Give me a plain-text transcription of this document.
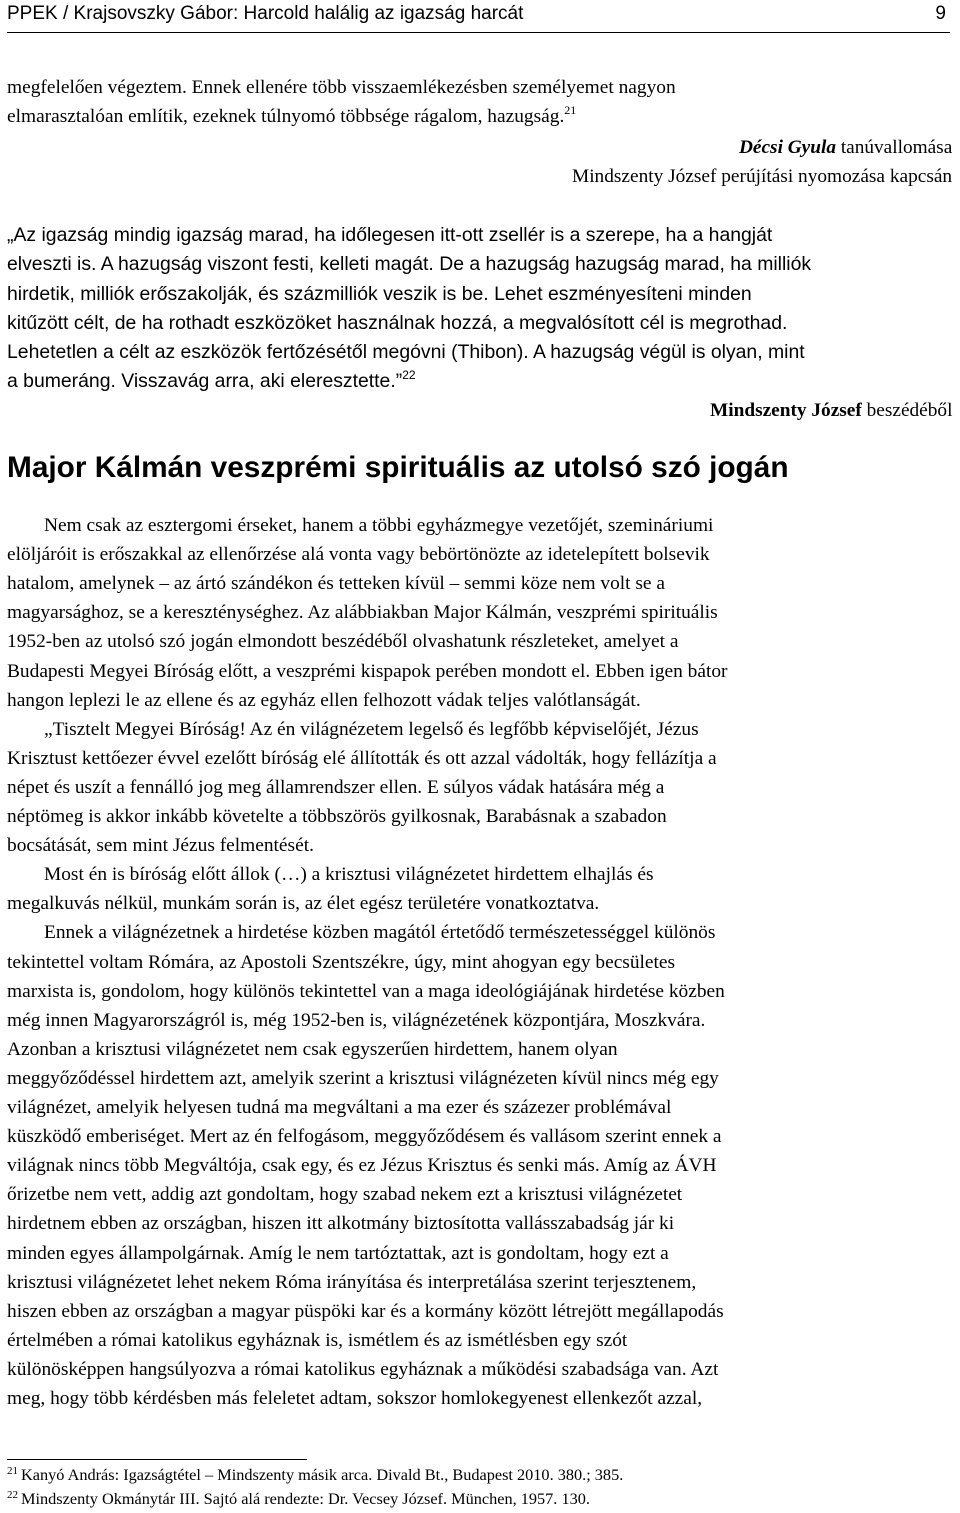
PPEK / Krajsovszky Gábor: Harcold halálig az igazság harcát	9
megfelelően végeztem. Ennek ellenére több visszaemlékezésben személyemet nagyon
elmarasztalóan említik, ezeknek túlnyomó többsége rágalom, hazugság.$^{21}$
Décsi Gyula tanúvallomása
Mindszenty József perújítási nyomozása kapcsán
„Az igazság mindig igazság marad, ha időlegesen itt-ott zsellér is a szerepe, ha a hangját
elveszti is. A hazugság viszont festi, kelleti magát. De a hazugság hazugság marad, ha milliók
hirdetik, milliók erőszakolják, és százmilliók veszik is be. Lehet eszményesíteni minden
kitűzött célt, de ha rothadt eszközöket használnak hozzá, a megvalósított cél is megrothad.
Lehetetlen a célt az eszközök fertőzésétől megóvni (Thibon). A hazugság végül is olyan, mint
a bumeráng. Visszavág arra, aki eleresztette.”$^{22}$
Mindszenty József beszédéből
Major Kálmán veszprémi spirituális az utolsó szó jogán
Nem csak az esztergomi érseket, hanem a többi egyházmegye vezetőjét, szemináriumi
elöljáróit is erőszakkal az ellenőrzése alá vonta vagy bebörtönözte az idetelepített bolsevik
hatalom, amelynek – az ártó szándékon és tetteken kívül – semmi köze nem volt se a
magyarsághoz, se a kereszténységhez. Az alábbiakban Major Kálmán, veszprémi spirituális
1952-ben az utolsó szó jogán elmondott beszédéből olvashatunk részleteket, amelyet a
Budapesti Megyei Bíróság előtt, a veszprémi kispapok perében mondott el. Ebben igen bátor
hangon leplezi le az ellene és az egyház ellen felhozott vádak teljes valótlanságát.
„Tisztelt Megyei Bíróság! Az én világnézetem legelső és legfőbb képviselőjét, Jézus
Krisztust kettőezer évvel ezelőtt bíróság elé állították és ott azzal vádolták, hogy fellázítja a
népet és uszít a fennálló jog meg államrendszer ellen. E súlyos vádak hatására még a
néptömeg is akkor inkább követelte a többszörös gyilkosnak, Barabásnak a szabadon
bocsátását, sem mint Jézus felmentését.
Most én is bíróság előtt állok (…) a krisztusi világnézetet hirdettem elhajlás és
megalkuvás nélkül, munkám során is, az élet egész területére vonatkoztatva.
Ennek a világnézetnek a hirdetése közben magától értetődő természetességgel különös
tekintettel voltam Rómára, az Apostoli Szentszékre, úgy, mint ahogyan egy becsületes
marxista is, gondolom, hogy különös tekintettel van a maga ideológiájának hirdetése közben
még innen Magyarországról is, még 1952-ben is, világnézetének központjára, Moszkvára.
Azonban a krisztusi világnézetet nem csak egyszerűen hirdettem, hanem olyan
meggyőződéssel hirdettem azt, amelyik szerint a krisztusi világnézeten kívül nincs még egy
világnézet, amelyik helyesen tudná ma megváltani a ma ezer és százezer problémával
küszködő emberiséget. Mert az én felfogásom, meggyőződésem és vallásom szerint ennek a
világnak nincs több Megváltója, csak egy, és ez Jézus Krisztus és senki más. Amíg az ÁVH
őrizetbe nem vett, addig azt gondoltam, hogy szabad nekem ezt a krisztusi világnézetet
hirdetnem ebben az országban, hiszen itt alkotmány biztosította vallásszabadság jár ki
minden egyes állampolgárnak. Amíg le nem tartóztattak, azt is gondoltam, hogy ezt a
krisztusi világnézetet lehet nekem Róma irányítása és interpretálása szerint terjesztenem,
hiszen ebben az országban a magyar püspöki kar és a kormány között létrejött megállapodás
értelmében a római katolikus egyháznak is, ismétlem és az ismétlésben egy szót
különösképpen hangsúlyozva a római katolikus egyháznak a működési szabadsága van. Azt
meg, hogy több kérdésben más feleletet adtam, sokszor homlokegyenest ellenkezőt azzal,
$^{21}$ Kanyó András: Igazságtétel – Mindszenty másik arca. Divald Bt., Budapest 2010. 380.; 385.
$^{22}$ Mindszenty Okmánytár III. Sajtó alá rendezte: Dr. Vecsey József. München, 1957. 130.
